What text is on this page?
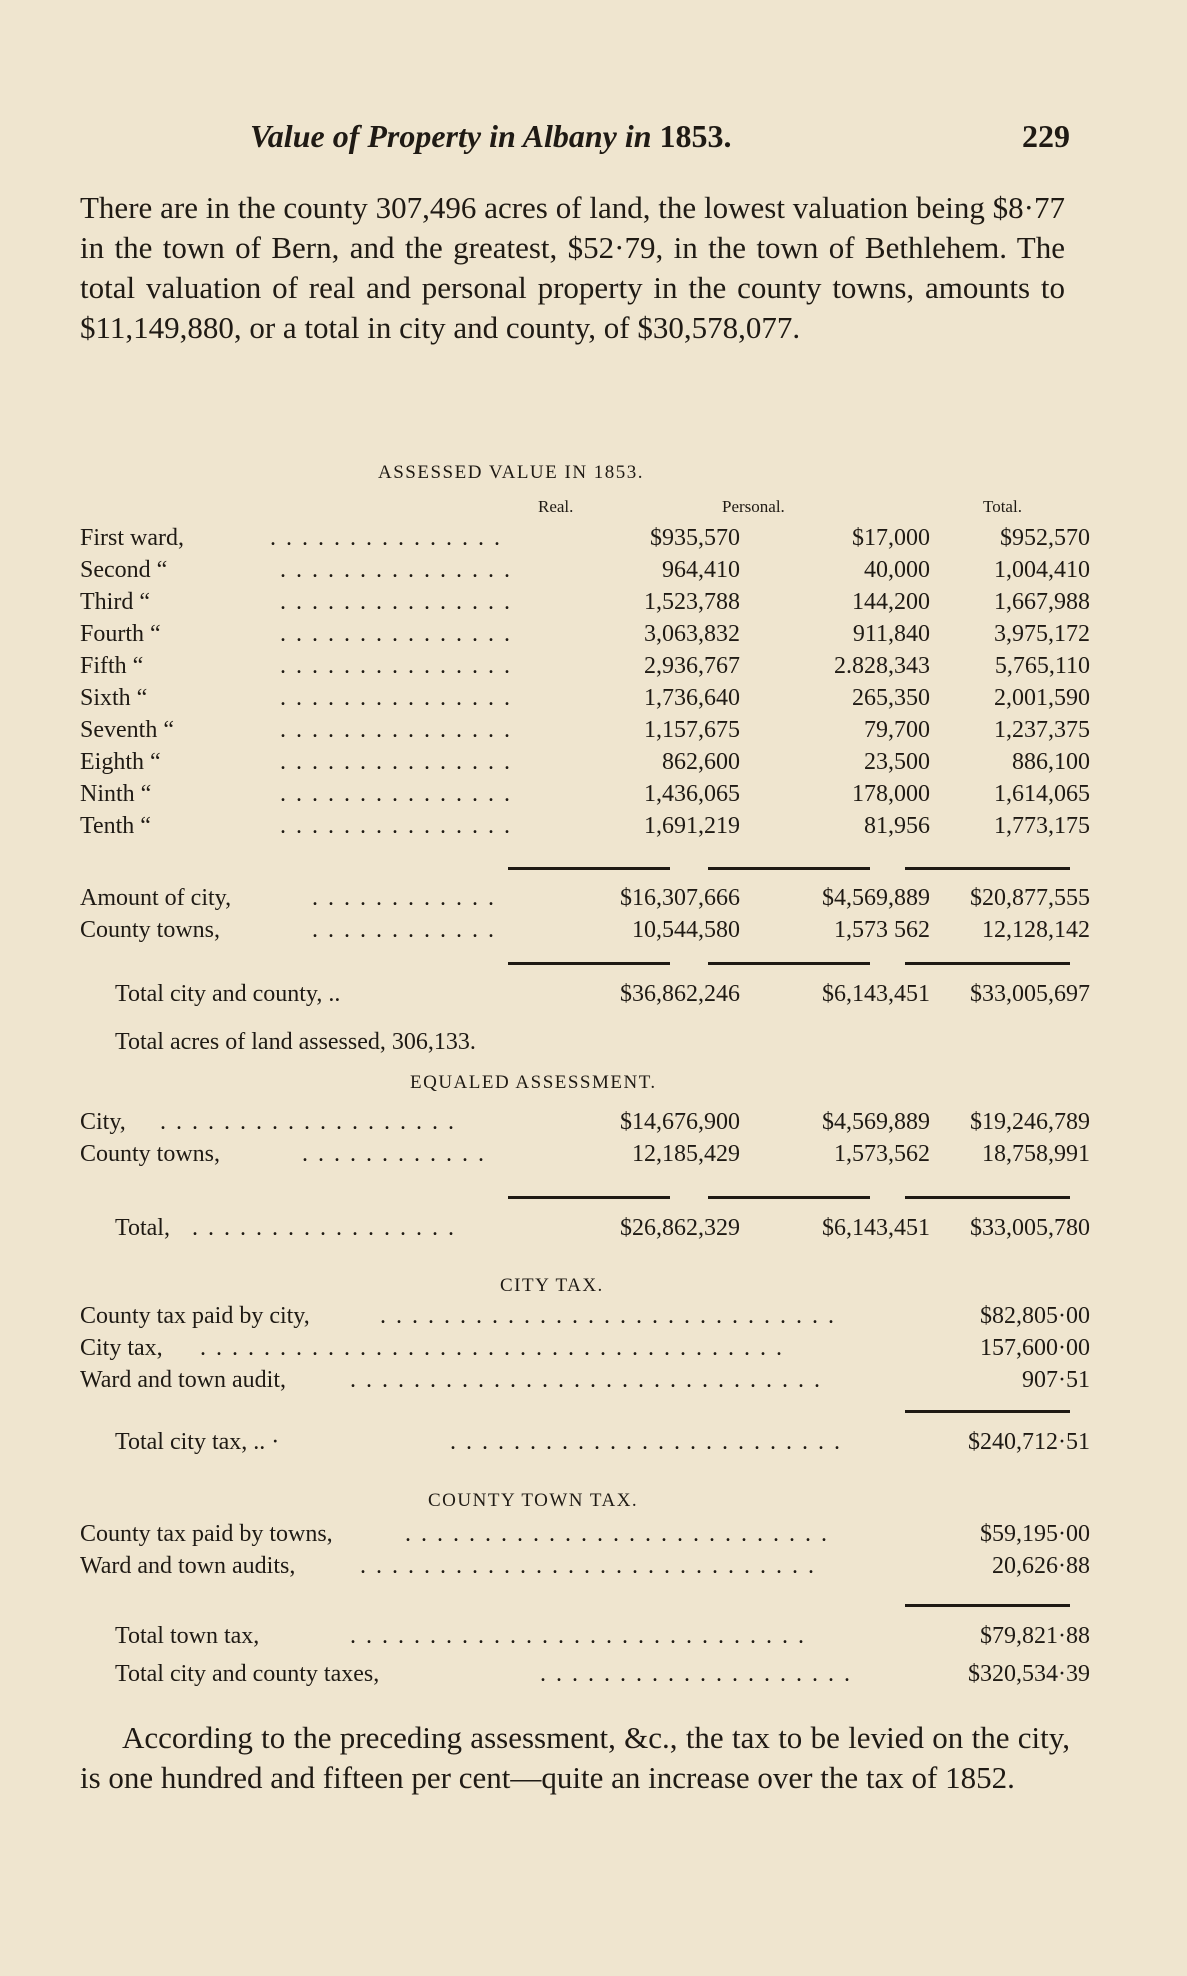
Value of Property in Albany in 1853.	229
There are in the county 307,496 acres of land, the lowest valuation being $8·77 in the town of Bern, and the greatest, $52·79, in the town of Bethlehem. The total valuation of real and personal property in the county towns, amounts to $11,149,880, or a total in city and county, of $30,578,077.
ASSESSED VALUE IN 1853.
Real.	Personal.	Total.
First ward,	. . . . . . . . . . . . . . .	$935,570	$17,000	$952,570
Second “	. . . . . . . . . . . . . . .	964,410	40,000	1,004,410
Third “	. . . . . . . . . . . . . . .	1,523,788	144,200	1,667,988
Fourth “	. . . . . . . . . . . . . . .	3,063,832	911,840	3,975,172
Fifth “	. . . . . . . . . . . . . . .	2,936,767	2.828,343	5,765,110
Sixth “	. . . . . . . . . . . . . . .	1,736,640	265,350	2,001,590
Seventh “	. . . . . . . . . . . . . . .	1,157,675	79,700	1,237,375
Eighth “	. . . . . . . . . . . . . . .	862,600	23,500	886,100
Ninth “	. . . . . . . . . . . . . . .	1,436,065	178,000	1,614,065
Tenth “	. . . . . . . . . . . . . . .	1,691,219	81,956	1,773,175
Amount of city,	. . . . . . . . . . . .	$16,307,666	$4,569,889 $20,877,555
County towns,	. . . . . . . . . . . .	10,544,580	1,573 562 12,128,142
Total city and county, ..	$36,862,246	$6,143,451 $33,005,697
Total acres of land assessed, 306,133.
EQUALED ASSESSMENT.
City, . . . . . . . . . . . . . . . . . . .	$14,676,900	$4,569,889 $19,246,789
County towns,	. . . . . . . . . . . .	12,185,429	1,573,562 18,758,991
Total, . . . . . . . . . . . . . . . . .	$26,862,329	$6,143,451 $33,005,780
CITY TAX.
County tax paid by city,	. . . . . . . . . . . . . . . . . . . . . . . . . . . . .	$82,805·00
City tax, . . . . . . . . . . . . . . . . . . . . . . . . . . . . . . . . . . . . .	157,600·00
Ward and town audit,	. . . . . . . . . . . . . . . . . . . . . . . . . . . . . .	907·51
Total city tax, .. ·	. . . . . . . . . . . . . . . . . . . . . . . . .	$240,712·51
COUNTY TOWN TAX.
County tax paid by towns,	. . . . . . . . . . . . . . . . . . . . . . . . . . .	$59,195·00
Ward and town audits,	. . . . . . . . . . . . . . . . . . . . . . . . . . . . .	20,626·88
Total town tax,	. . . . . . . . . . . . . . . . . . . . . . . . . . . . .	$79,821·88
Total city and county taxes,	. . . . . . . . . . . . . . . . . . . .	$320,534·39
According to the preceding assessment, &c., the tax to be levied on the city, is one hundred and fifteen per cent—quite an increase over the tax of 1852.
